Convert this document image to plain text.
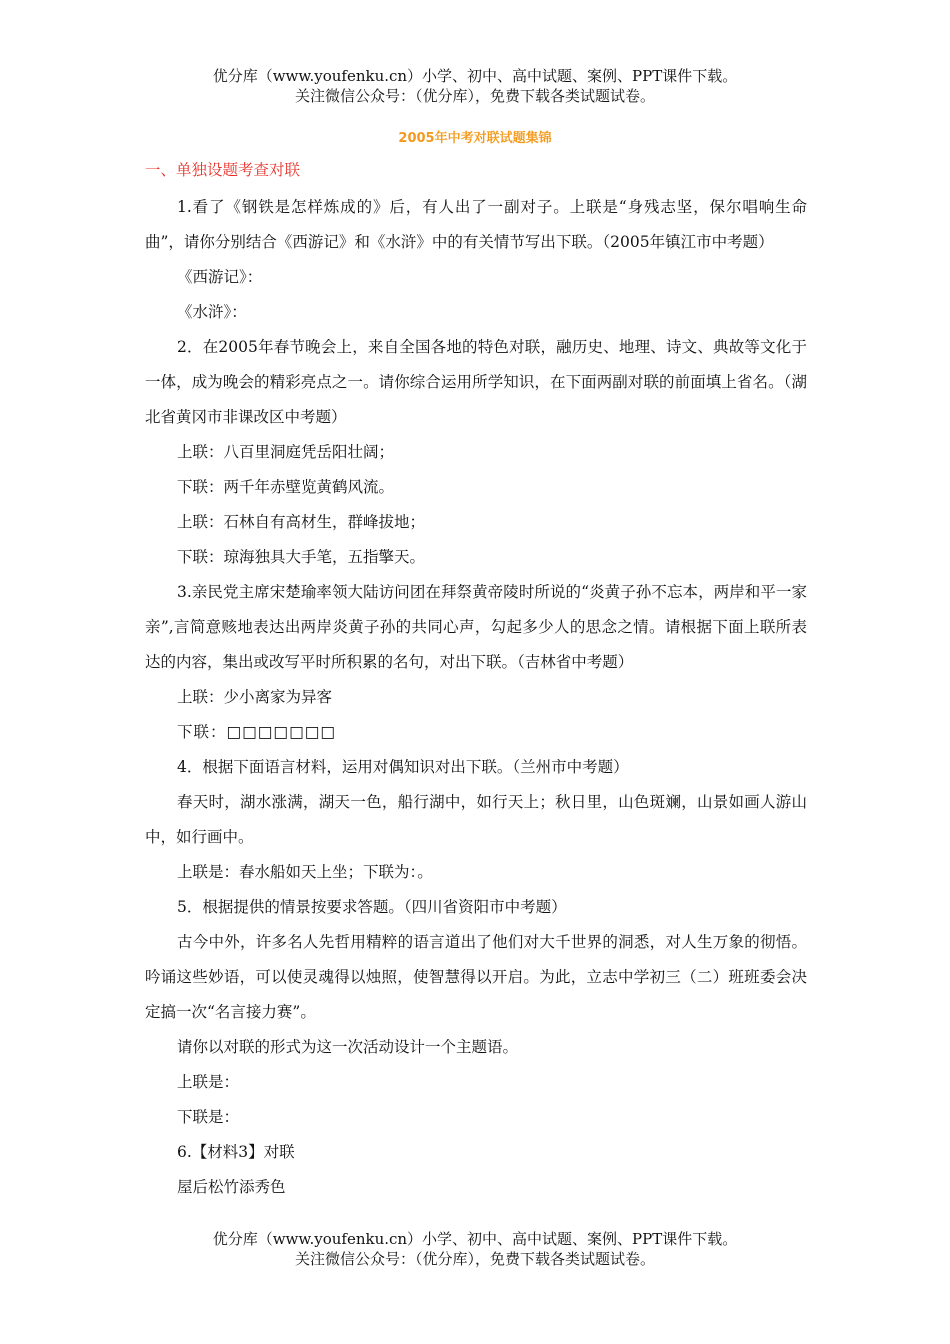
优分库（www.youfenku.cn）小学、初中、高中试题、案例、PPT课件下载。
关注微信公众号：（优分库），免费下载各类试题试卷。
2005年中考对联试题集锦
一、单独设题考查对联

1.看了《钢铁是怎样炼成的》后，有人出了一副对子。上联是“身残志坚，保尔唱响生命曲”，请你分别结合《西游记》和《水浒》中的有关情节写出下联。（2005年镇江市中考题）

《西游记》：

《水浒》：

2．在2005年春节晚会上，来自全国各地的特色对联，融历史、地理、诗文、典故等文化于一体，成为晚会的精彩亮点之一。请你综合运用所学知识，在下面两副对联的前面填上省名。（湖北省黄冈市非课改区中考题）

上联：八百里洞庭凭岳阳壮阔；

下联：两千年赤壁览黄鹤风流。

上联：石林自有高材生，群峰拔地；

下联：琼海独具大手笔，五指擎天。

3.亲民党主席宋楚瑜率领大陆访问团在拜祭黄帝陵时所说的“炎黄子孙不忘本，两岸和平一家亲”,言简意赅地表达出两岸炎黄子孙的共同心声，勾起多少人的思念之情。请根据下面上联所表达的内容，集出或改写平时所积累的名句，对出下联。（吉林省中考题）

上联：少小离家为异客

下联：□□□□□□□

4．根据下面语言材料，运用对偶知识对出下联。（兰州市中考题）

春天时，湖水涨满，湖天一色，船行湖中，如行天上；秋日里，山色斑斓，山景如画人游山中，如行画中。

上联是：春水船如天上坐；下联为：。

5．根据提供的情景按要求答题。（四川省资阳市中考题）

古今中外，许多名人先哲用精粹的语言道出了他们对大千世界的洞悉，对人生万象的彻悟。吟诵这些妙语，可以使灵魂得以烛照，使智慧得以开启。为此，立志中学初三（二）班班委会决定搞一次“名言接力赛”。

请你以对联的形式为这一次活动设计一个主题语。

上联是：

下联是：

6.【材料3】对联

屋后松竹添秀色

优分库（www.youfenku.cn）小学、初中、高中试题、案例、PPT课件下载。
关注微信公众号：（优分库），免费下载各类试题试卷。
